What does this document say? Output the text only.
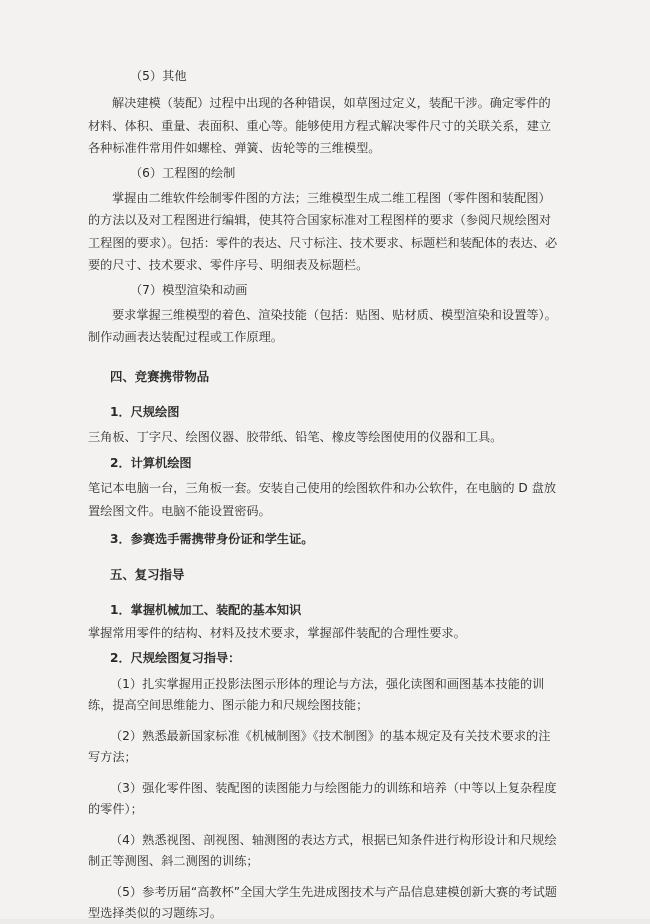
（5）其他
解决建模（装配）过程中出现的各种错误，如草图过定义，装配干涉。确定零件的材料、体积、重量、表面积、重心等。能够使用方程式解决零件尺寸的关联关系，建立各种标准件常用件如螺栓、弹簧、齿轮等的三维模型。
（6）工程图的绘制
掌握由二维软件绘制零件图的方法；三维模型生成二维工程图（零件图和装配图）的方法以及对工程图进行编辑，使其符合国家标准对工程图样的要求（参阅尺规绘图对工程图的要求）。包括：零件的表达、尺寸标注、技术要求、标题栏和装配体的表达、必要的尺寸、技术要求、零件序号、明细表及标题栏。
（7）模型渲染和动画
要求掌握三维模型的着色、渲染技能（包括：贴图、贴材质、模型渲染和设置等）。制作动画表达装配过程或工作原理。
四、竞赛携带物品
1．尺规绘图
三角板、丁字尺、绘图仪器、胶带纸、铅笔、橡皮等绘图使用的仪器和工具。
2．计算机绘图
笔记本电脑一台，三角板一套。安装自己使用的绘图软件和办公软件，在电脑的 D 盘放置绘图文件。电脑不能设置密码。
3．参赛选手需携带身份证和学生证。
五、复习指导
1．掌握机械加工、装配的基本知识
掌握常用零件的结构、材料及技术要求，掌握部件装配的合理性要求。
2．尺规绘图复习指导：
（1）扎实掌握用正投影法图示形体的理论与方法，强化读图和画图基本技能的训练，提高空间思维能力、图示能力和尺规绘图技能；
（2）熟悉最新国家标准《机械制图》《技术制图》的基本规定及有关技术要求的注写方法；
（3）强化零件图、装配图的读图能力与绘图能力的训练和培养（中等以上复杂程度的零件）；
（4）熟悉视图、剖视图、轴测图的表达方式，根据已知条件进行构形设计和尺规绘制正等测图、斜二测图的训练；
（5）参考历届“高教杯”全国大学生先进成图技术与产品信息建模创新大赛的考试题型选择类似的习题练习。
